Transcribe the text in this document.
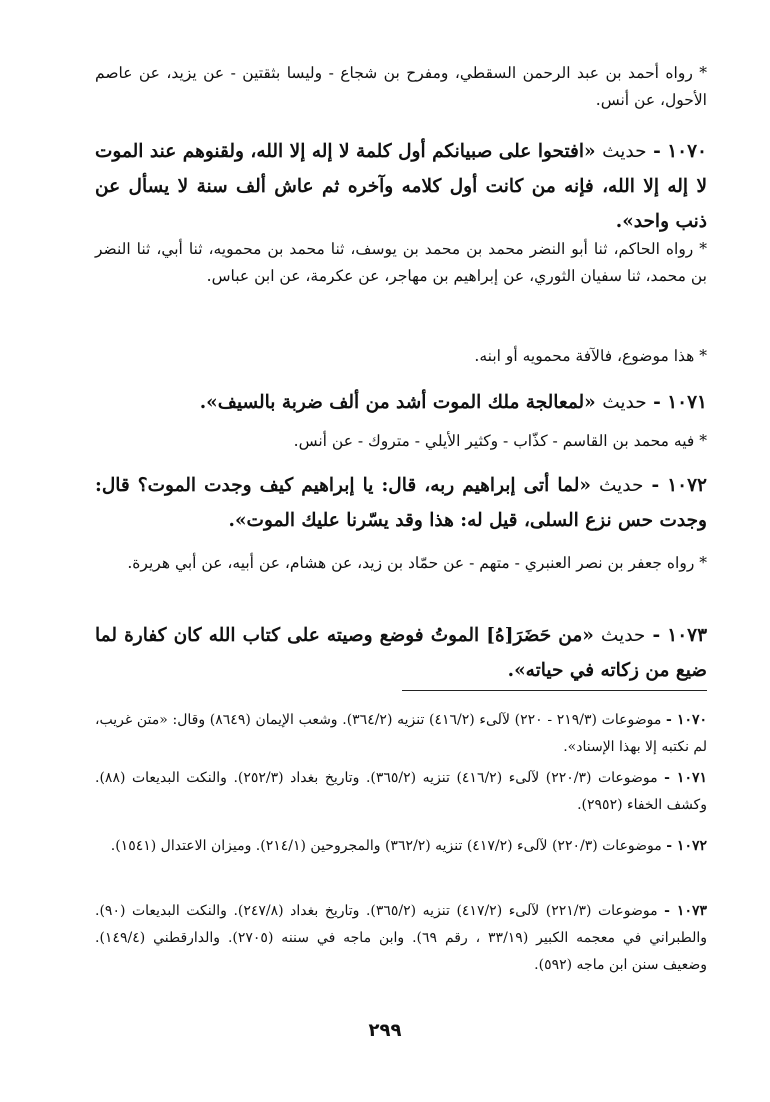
* رواه أحمد بن عبد الرحمن السقطي، ومفرح بن شجاع - وليسا بثقتين - عن يزيد، عن عاصم الأحول، عن أنس.

١٠٧٠ - حديث «افتحوا على صبيانكم أول كلمة لا إله إلا الله، ولقنوهم عند الموت لا إله إلا الله، فإنه من كانت أول كلامه وآخره ثم عاش ألف سنة لا يسأل عن ذنب واحد».

* رواه الحاكم، ثنا أبو النضر محمد بن محمد بن يوسف، ثنا محمد بن محمويه، ثنا أبي، ثنا النضر بن محمد، ثنا سفيان الثوري، عن إبراهيم بن مهاجر، عن عكرمة، عن ابن عباس.

* هذا موضوع، فالآفة محمويه أو ابنه.

١٠٧١ - حديث «لمعالجة ملك الموت أشد من ألف ضربة بالسيف».

* فيه محمد بن القاسم - كذّاب - وكثير الأيلي - متروك - عن أنس.

١٠٧٢ - حديث «لما أتى إبراهيم ربه، قال: يا إبراهيم كيف وجدت الموت؟ قال: وجدت حس نزع السلى، قيل له: هذا وقد يسّرنا عليك الموت».

* رواه جعفر بن نصر العنبري - متهم - عن حمّاد بن زيد، عن هشام، عن أبيه، عن أبي هريرة.

١٠٧٣ - حديث «من حَضَرَ[هُ] الموتُ فوضع وصيته على كتاب الله كان كفارة لما ضيع من زكاته في حياته».

١٠٧٠ - موضوعات (٢١٩/٣ - ٢٢٠) لآلىء (٤١٦/٢) تنزيه (٣٦٤/٢). وشعب الإيمان (٨٦٤٩) وقال: «متن غريب، لم نكتبه إلا بهذا الإسناد».

١٠٧١ - موضوعات (٢٢٠/٣) لآلىء (٤١٦/٢) تنزيه (٣٦٥/٢). وتاريخ بغداد (٢٥٢/٣). والنكت البديعات (٨٨). وكشف الخفاء (٢٩٥٢).

١٠٧٢ - موضوعات (٢٢٠/٣) لآلىء (٤١٧/٢) تنزيه (٣٦٢/٢) والمجروحين (٢١٤/١). وميزان الاعتدال (١٥٤١).

١٠٧٣ - موضوعات (٢٢١/٣) لآلىء (٤١٧/٢) تنزيه (٣٦٥/٢). وتاريخ بغداد (٢٤٧/٨). والنكت البديعات (٩٠). والطبراني في معجمه الكبير (٣٣/١٩ ، رقم ٦٩). وابن ماجه في سننه (٢٧٠٥). والدارقطني (١٤٩/٤). وضعيف سنن ابن ماجه (٥٩٢).

٢٩٩
